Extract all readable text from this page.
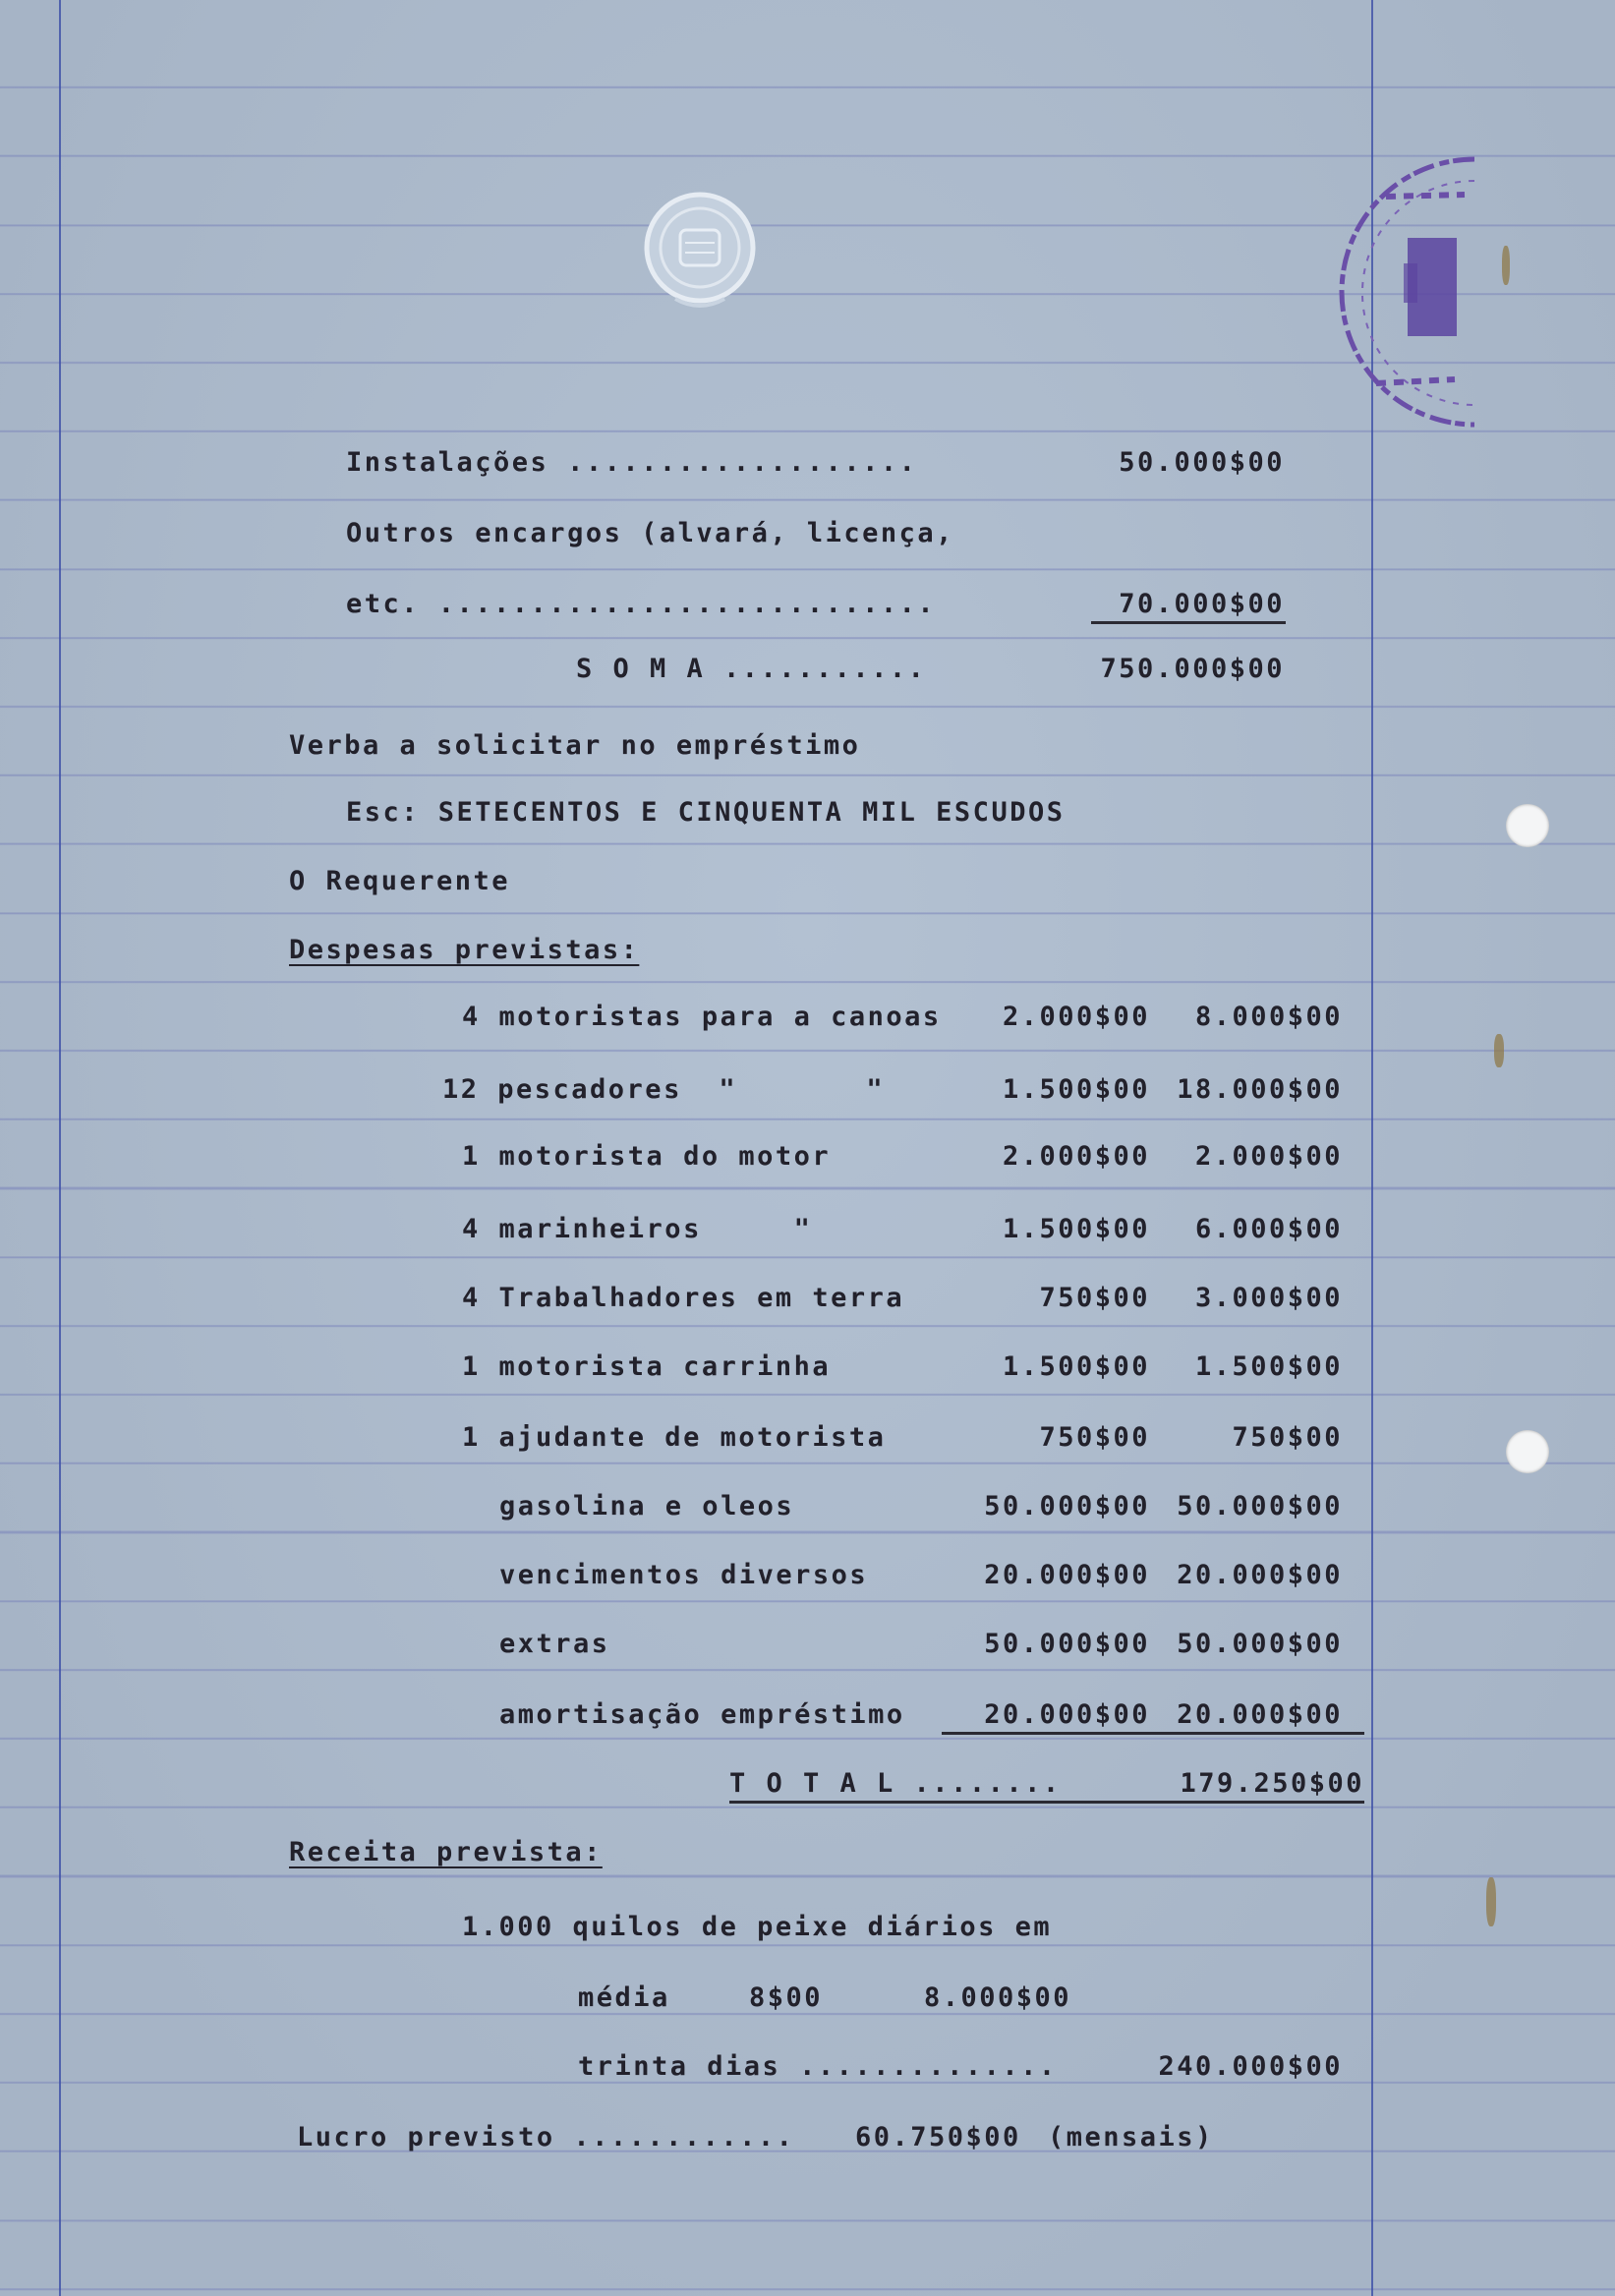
Instalações ...................	50.000$00
Outros encargos (alvará, licença,
etc. ...........................	70.000$00
S O M A ...........	750.000$00
Verba a solicitar no empréstimo
Esc: SETECENTOS E CINQUENTA MIL ESCUDOS
O Requerente
Despesas previstas:
4 motoristas para a canoas	2.000$00	8.000$00
12 pescadores  "       "	1.500$00	18.000$00
1 motorista do motor	2.000$00	2.000$00
4 marinheiros     "	1.500$00	6.000$00
4 Trabalhadores em terra	750$00	3.000$00
1 motorista carrinha	1.500$00	1.500$00
1 ajudante de motorista	750$00	750$00
gasolina e oleos	50.000$00	50.000$00
vencimentos diversos	20.000$00	20.000$00
extras	50.000$00	50.000$00
amortisação empréstimo	20.000$00	20.000$00
T O T A L ........	179.250$00
Receita prevista:
1.000 quilos de peixe diários em
média	8$00	8.000$00
trinta dias ..............	240.000$00
Lucro previsto ............ 60.750$00 (mensais)
